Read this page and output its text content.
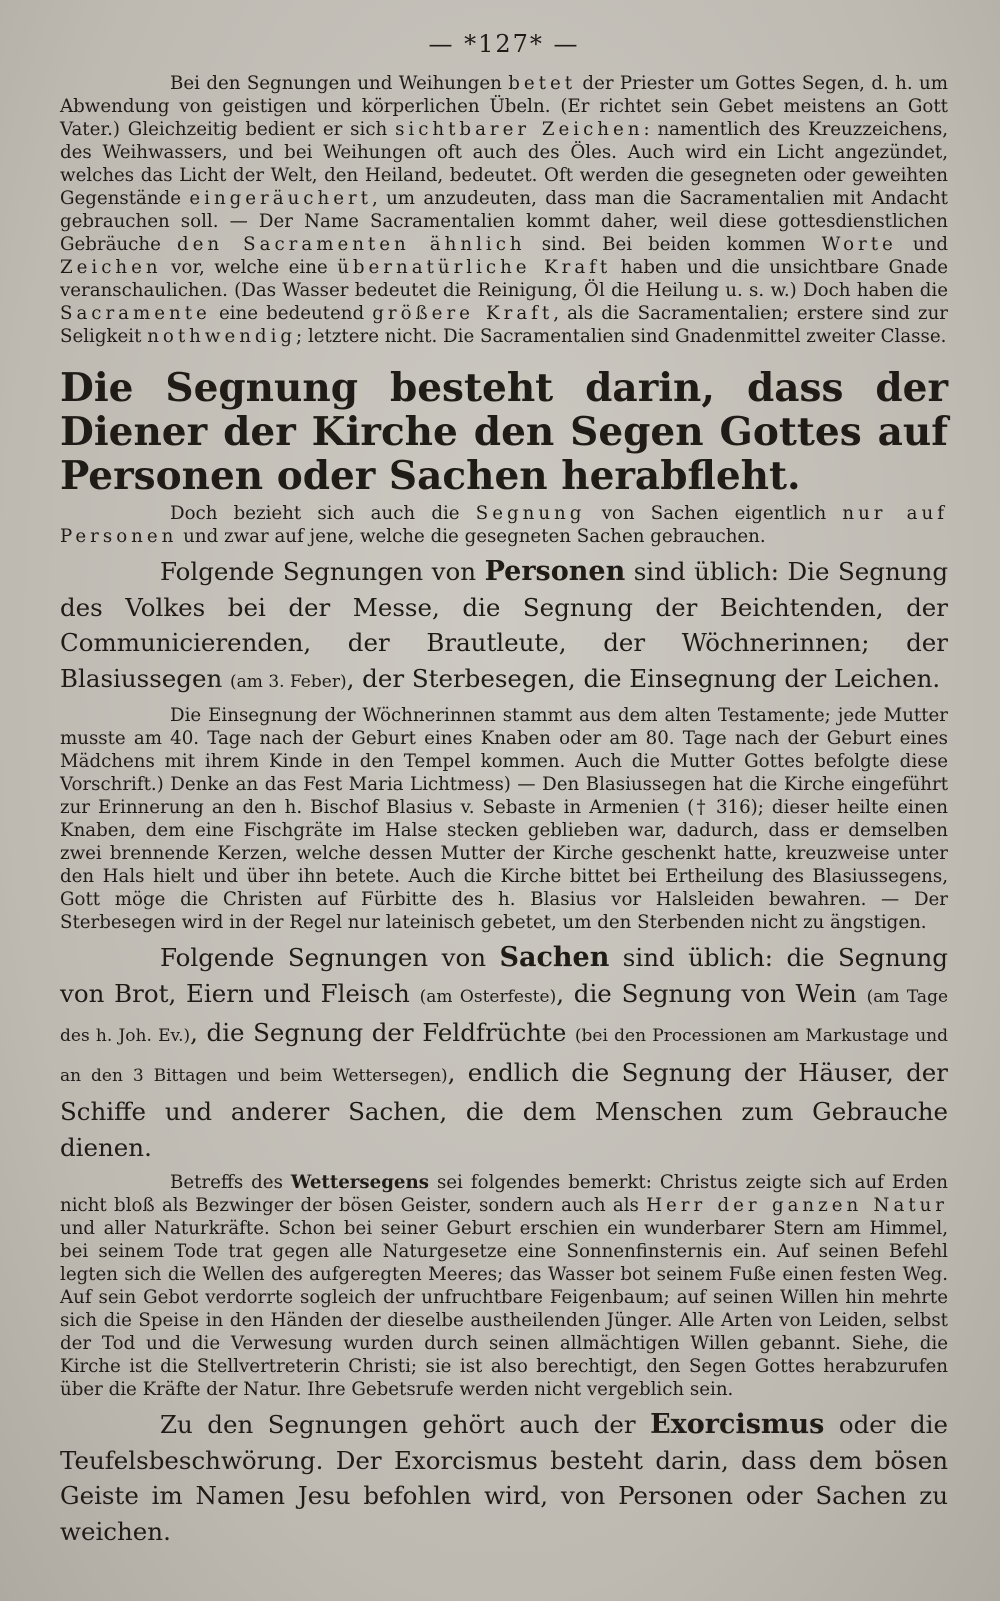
— *127* —

Bei den Segnungen und Weihungen betet der Priester um Gottes Segen, d. h. um Abwendung von geistigen und körperlichen Übeln. (Er richtet sein Gebet meistens an Gott Vater.) Gleichzeitig bedient er sich sichtbarer Zeichen: namentlich des Kreuzzeichens, des Weihwassers, und bei Weihungen oft auch des Öles. Auch wird ein Licht angezündet, welches das Licht der Welt, den Heiland, bedeutet. Oft werden die gesegneten oder geweihten Gegenstände eingeräuchert, um anzudeuten, dass man die Sacramentalien mit Andacht gebrauchen soll. — Der Name Sacramentalien kommt daher, weil diese gottesdienstlichen Gebräuche den Sacramenten ähnlich sind. Bei beiden kommen Worte und Zeichen vor, welche eine übernatürliche Kraft haben und die unsichtbare Gnade veranschaulichen. (Das Wasser bedeutet die Reinigung, Öl die Heilung u. s. w.) Doch haben die Sacramente eine bedeutend größere Kraft, als die Sacramentalien; erstere sind zur Seligkeit nothwendig; letztere nicht. Die Sacramentalien sind Gnadenmittel zweiter Classe.

Die Segnung besteht darin, dass der Diener der Kirche den Segen Gottes auf Personen oder Sachen herabfleht.

Doch bezieht sich auch die Segnung von Sachen eigentlich nur auf Personen und zwar auf jene, welche die gesegneten Sachen gebrauchen.

Folgende Segnungen von Personen sind üblich: Die Segnung des Volkes bei der Messe, die Segnung der Beichtenden, der Communicierenden, der Brautleute, der Wöchnerinnen; der Blasiussegen (am 3. Feber), der Sterbesegen, die Einsegnung der Leichen.

Die Einsegnung der Wöchnerinnen stammt aus dem alten Testamente; jede Mutter musste am 40. Tage nach der Geburt eines Knaben oder am 80. Tage nach der Geburt eines Mädchens mit ihrem Kinde in den Tempel kommen. Auch die Mutter Gottes befolgte diese Vorschrift.) Denke an das Fest Maria Lichtmess) — Den Blasiussegen hat die Kirche eingeführt zur Erinnerung an den h. Bischof Blasius v. Sebaste in Armenien († 316); dieser heilte einen Knaben, dem eine Fischgräte im Halse stecken geblieben war, dadurch, dass er demselben zwei brennende Kerzen, welche dessen Mutter der Kirche geschenkt hatte, kreuzweise unter den Hals hielt und über ihn betete. Auch die Kirche bittet bei Ertheilung des Blasiussegens, Gott möge die Christen auf Fürbitte des h. Blasius vor Halsleiden bewahren. — Der Sterbesegen wird in der Regel nur lateinisch gebetet, um den Sterbenden nicht zu ängstigen.

Folgende Segnungen von Sachen sind üblich: die Segnung von Brot, Eiern und Fleisch (am Osterfeste), die Segnung von Wein (am Tage des h. Joh. Ev.), die Segnung der Feldfrüchte (bei den Processionen am Markustage und an den 3 Bittagen und beim Wettersegen), endlich die Segnung der Häuser, der Schiffe und anderer Sachen, die dem Menschen zum Gebrauche dienen.

Betreffs des Wettersegens sei folgendes bemerkt: Christus zeigte sich auf Erden nicht bloß als Bezwinger der bösen Geister, sondern auch als Herr der ganzen Natur und aller Naturkräfte. Schon bei seiner Geburt erschien ein wunderbarer Stern am Himmel, bei seinem Tode trat gegen alle Naturgesetze eine Sonnenfinsternis ein. Auf seinen Befehl legten sich die Wellen des aufgeregten Meeres; das Wasser bot seinem Fuße einen festen Weg. Auf sein Gebot verdorrte sogleich der unfruchtbare Feigenbaum; auf seinen Willen hin mehrte sich die Speise in den Händen der dieselbe austheilenden Jünger. Alle Arten von Leiden, selbst der Tod und die Verwesung wurden durch seinen allmächtigen Willen gebannt. Siehe, die Kirche ist die Stellvertreterin Christi; sie ist also berechtigt, den Segen Gottes herabzurufen über die Kräfte der Natur. Ihre Gebetsrufe werden nicht vergeblich sein.

Zu den Segnungen gehört auch der Exorcismus oder die Teufelsbeschwörung. Der Exorcismus besteht darin, dass dem bösen Geiste im Namen Jesu befohlen wird, von Personen oder Sachen zu weichen.
